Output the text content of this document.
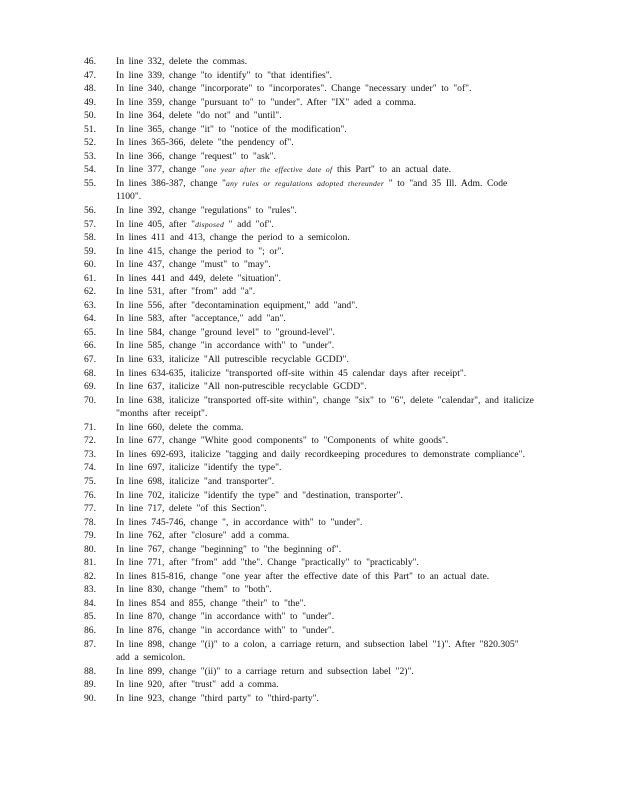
46.	In line 332, delete the commas.
47.	In line 339, change "to identify" to "that identifies".
48.	In line 340, change "incorporate" to "incorporates". Change "necessary under" to "of".
49.	In line 359, change "pursuant to" to "under". After "IX" aded a comma.
50.	In line 364, delete "do not" and "until".
51.	In line 365, change "it" to "notice of the modification".
52.	In lines 365-366, delete "the pendency of".
53.	In line 366, change "request" to "ask".
54.	In line 377, change "one year after the effective date of this Part" to an actual date.
55.	In lines 386-387, change "any rules or regulations adopted thereunder " to "and 35 Ill. Adm. Code 1100".
56.	In line 392, change "regulations" to "rules".
57.	In line 405, after "disposed " add "of".
58.	In lines 411 and 413, change the period to a semicolon.
59.	In line 415, change the period to "; or".
60.	In line 437, change "must" to "may".
61.	In lines 441 and 449, delete "situation".
62.	In line 531, after "from" add "a".
63.	In line 556, after "decontamination equipment," add "and".
64.	In line 583, after "acceptance," add "an".
65.	In line 584, change "ground level" to "ground-level".
66.	In line 585, change "in accordance with" to "under".
67.	In line 633, italicize "All putrescible recyclable GCDD".
68.	In lines 634-635, italicize "transported off-site within 45 calendar days after receipt".
69.	In line 637, italicize "All non-putrescible recyclable GCDD".
70.	In line 638, italicize "transported off-site within", change "six" to "6", delete "calendar", and italicize "months after receipt".
71.	In line 660, delete the comma.
72.	In line 677, change "White good components" to "Components of white goods".
73.	In lines 692-693, italicize "tagging and daily recordkeeping procedures to demonstrate compliance".
74.	In line 697, italicize "identify the type".
75.	In line 698, italicize "and transporter".
76.	In line 702, italicize "identify the type" and "destination, transporter".
77.	In line 717, delete "of this Section".
78.	In lines 745-746, change ", in accordance with" to "under".
79.	In line 762, after "closure" add a comma.
80.	In line 767, change "beginning" to "the beginning of".
81.	In line 771, after "from" add "the". Change "practically" to "practicably".
82.	In lines 815-816, change "one year after the effective date of this Part" to an actual date.
83.	In line 830, change "them" to "both".
84.	In lines 854 and 855, change "their" to "the".
85.	In line 870, change "in accordance with" to "under".
86.	In line 876, change "in accordance with" to "under".
87.	In line 898, change "(i)" to a colon, a carriage return, and subsection label "1)". After "820.305" add a semicolon.
88.	In line 899, change "(ii)" to a carriage return and subsection label "2)".
89.	In line 920, after "trust" add a comma.
90.	In line 923, change "third party" to "third-party".
